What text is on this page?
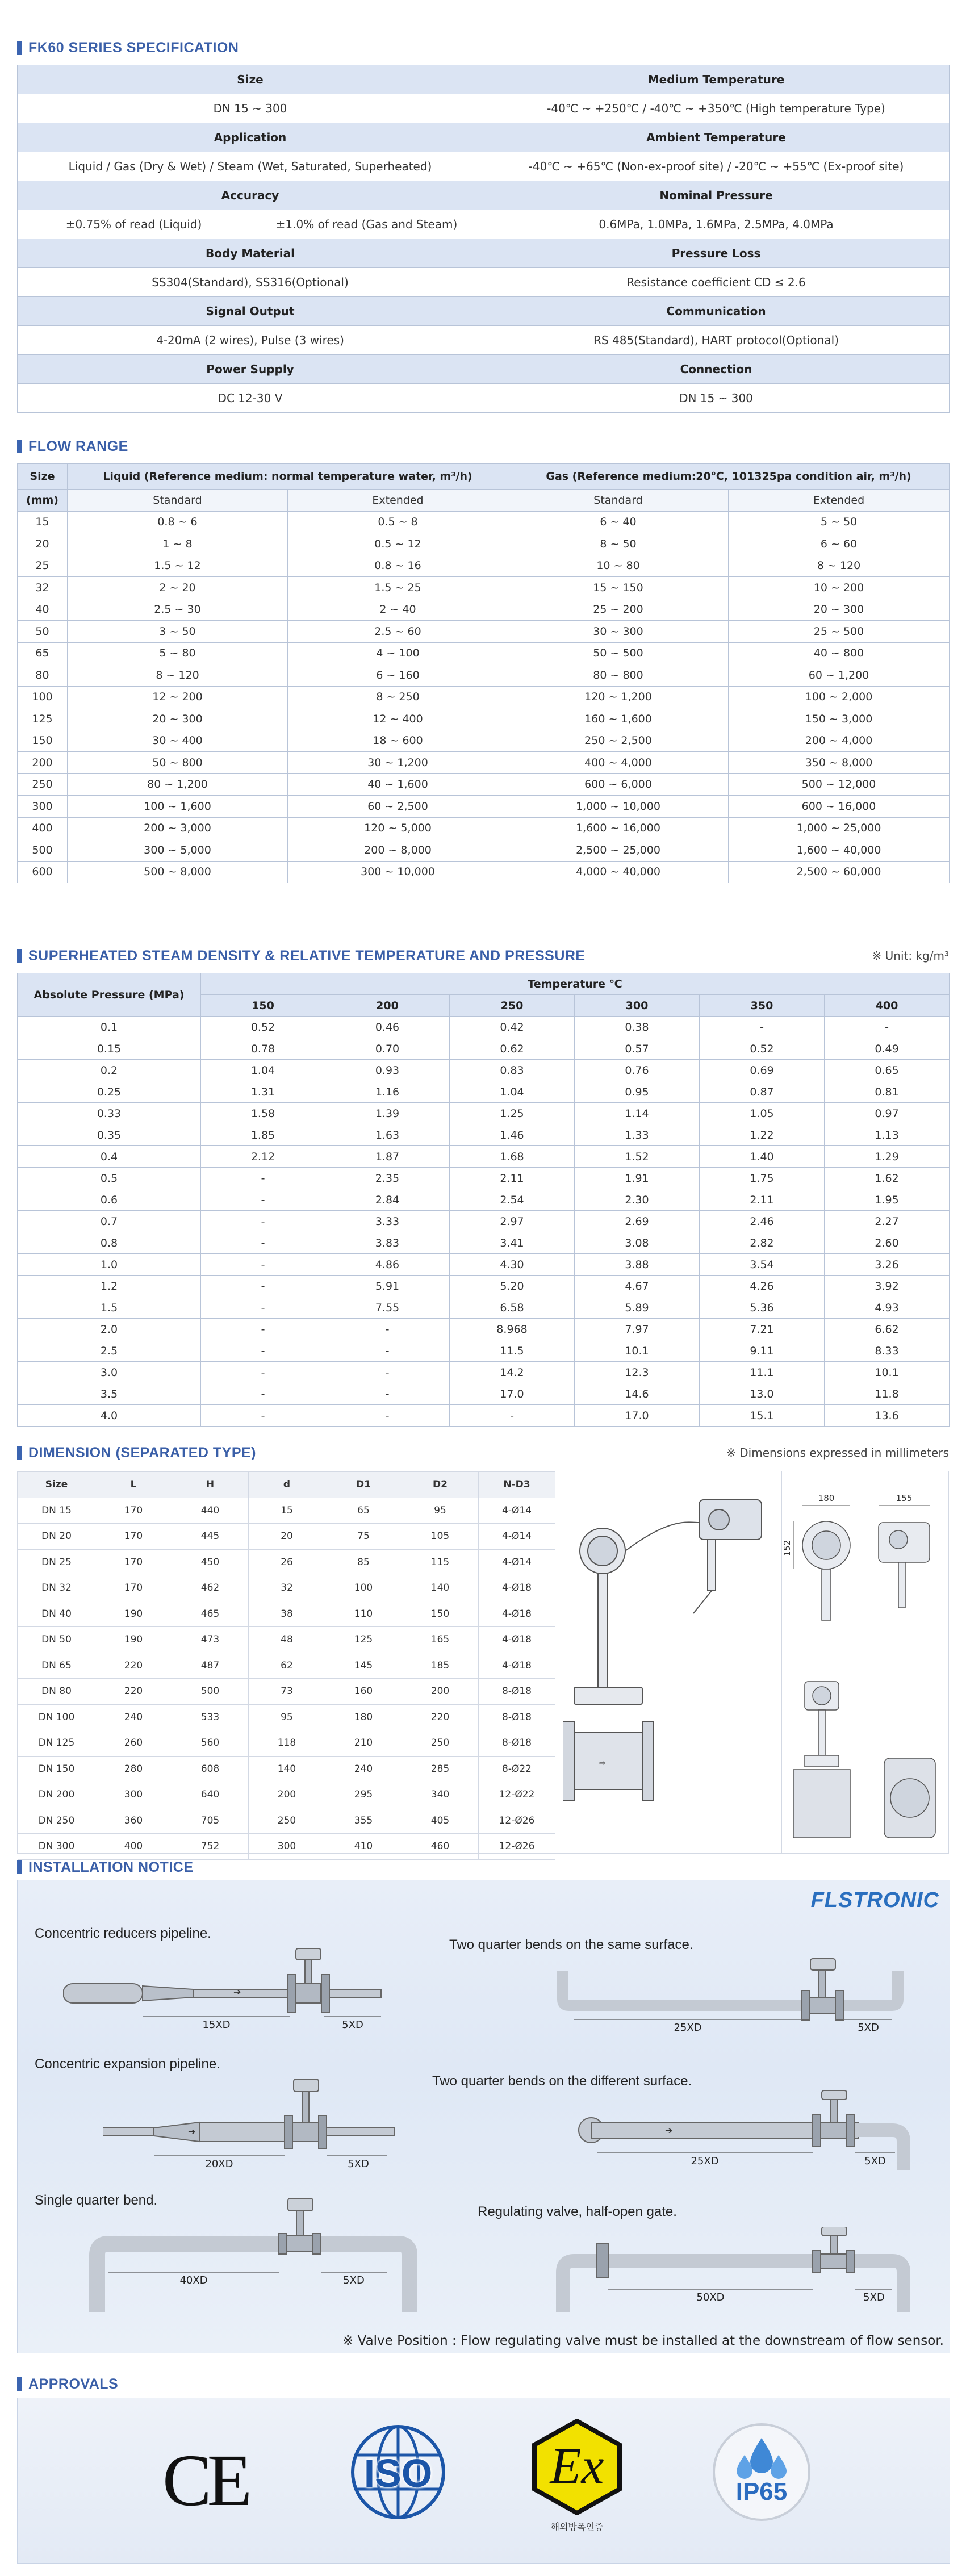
FK60 SERIES SPECIFICATION
Size		Medium Temperature
DN 15 ~ 300		-40℃ ~ +250℃ / -40℃ ~ +350℃ (High temperature Type)
Application		Ambient Temperature
Liquid / Gas (Dry & Wet) / Steam (Wet, Saturated, Superheated)		-40℃ ~ +65℃ (Non-ex-proof site) / -20℃ ~ +55℃ (Ex-proof site)
Accuracy		Nominal Pressure
±0.75% of read (Liquid)	±1.0% of read (Gas and Steam)	0.6MPa, 1.0MPa, 1.6MPa, 2.5MPa, 4.0MPa
Body Material		Pressure Loss
SS304(Standard), SS316(Optional)		Resistance coefficient CD ≤ 2.6
Signal Output		Communication
4-20mA (2 wires), Pulse (3 wires)		RS 485(Standard), HART protocol(Optional)
Power Supply		Connection
DC 12-30 V		DN 15 ~ 300
FLOW RANGE
Size	Liquid (Reference medium: normal temperature water, m³/h)		Gas (Reference medium:20℃, 101325pa condition air, m³/h)	
(mm)	Standard	Extended	Standard	Extended
15	0.8 ~ 6	0.5 ~ 8	6 ~ 40	5 ~ 50
20	1 ~ 8	0.5 ~ 12	8 ~ 50	6 ~ 60
25	1.5 ~ 12	0.8 ~ 16	10 ~ 80	8 ~ 120
32	2 ~ 20	1.5 ~ 25	15 ~ 150	10 ~ 200
40	2.5 ~ 30	2 ~ 40	25 ~ 200	20 ~ 300
50	3 ~ 50	2.5 ~ 60	30 ~ 300	25 ~ 500
65	5 ~ 80	4 ~ 100	50 ~ 500	40 ~ 800
80	8 ~ 120	6 ~ 160	80 ~ 800	60 ~ 1,200
100	12 ~ 200	8 ~ 250	120 ~ 1,200	100 ~ 2,000
125	20 ~ 300	12 ~ 400	160 ~ 1,600	150 ~ 3,000
150	30 ~ 400	18 ~ 600	250 ~ 2,500	200 ~ 4,000
200	50 ~ 800	30 ~ 1,200	400 ~ 4,000	350 ~ 8,000
250	80 ~ 1,200	40 ~ 1,600	600 ~ 6,000	500 ~ 12,000
300	100 ~ 1,600	60 ~ 2,500	1,000 ~ 10,000	600 ~ 16,000
400	200 ~ 3,000	120 ~ 5,000	1,600 ~ 16,000	1,000 ~ 25,000
500	300 ~ 5,000	200 ~ 8,000	2,500 ~ 25,000	1,600 ~ 40,000
600	500 ~ 8,000	300 ~ 10,000	4,000 ~ 40,000	2,500 ~ 60,000
SUPERHEATED STEAM DENSITY & RELATIVE TEMPERATURE AND PRESSURE	※ Unit: kg/m³
Absolute Pressure (MPa)	Temperature ℃					
	150	200	250	300	350	400
0.1	0.52	0.46	0.42	0.38	-	-
0.15	0.78	0.70	0.62	0.57	0.52	0.49
0.2	1.04	0.93	0.83	0.76	0.69	0.65
0.25	1.31	1.16	1.04	0.95	0.87	0.81
0.33	1.58	1.39	1.25	1.14	1.05	0.97
0.35	1.85	1.63	1.46	1.33	1.22	1.13
0.4	2.12	1.87	1.68	1.52	1.40	1.29
0.5	-	2.35	2.11	1.91	1.75	1.62
0.6	-	2.84	2.54	2.30	2.11	1.95
0.7	-	3.33	2.97	2.69	2.46	2.27
0.8	-	3.83	3.41	3.08	2.82	2.60
1.0	-	4.86	4.30	3.88	3.54	3.26
1.2	-	5.91	5.20	4.67	4.26	3.92
1.5	-	7.55	6.58	5.89	5.36	4.93
2.0	-	-	8.968	7.97	7.21	6.62
2.5	-	-	11.5	10.1	9.11	8.33
3.0	-	-	14.2	12.3	11.1	10.1
3.5	-	-	17.0	14.6	13.0	11.8
4.0	-	-	-	17.0	15.1	13.6
DIMENSION (SEPARATED TYPE)	※ Dimensions expressed in millimeters
Size	L	H	d	D1	D2	N-D3
DN 15	170	440	15	65	95	4-Ø14
DN 20	170	445	20	75	105	4-Ø14
DN 25	170	450	26	85	115	4-Ø14
DN 32	170	462	32	100	140	4-Ø18
DN 40	190	465	38	110	150	4-Ø18
DN 50	190	473	48	125	165	4-Ø18
DN 65	220	487	62	145	185	4-Ø18
DN 80	220	500	73	160	200	8-Ø18
DN 100	240	533	95	180	220	8-Ø18
DN 125	260	560	118	210	250	8-Ø18
DN 150	280	608	140	240	285	8-Ø22
DN 200	300	640	200	295	340	12-Ø22
DN 250	360	705	250	355	405	12-Ø26
DN 300	400	752	300	410	460	12-Ø26
⇨
180	155
152
INSTALLATION NOTICE
FLSTRONIC
Concentric reducers pipeline.
➔
15XD	5XD
Two quarter bends on the same surface.
25XD	5XD
Concentric expansion pipeline.
➔
20XD	5XD
Two quarter bends on the different surface.
➔
25XD	5XD
Single quarter bend.
40XD	5XD
Regulating valve, half-open gate.
50XD	5XD
※ Valve Position : Flow regulating valve must be installed at the downstream of flow sensor.
APPROVALS
CE	ISO	Ex
해외방폭인증
IP65
